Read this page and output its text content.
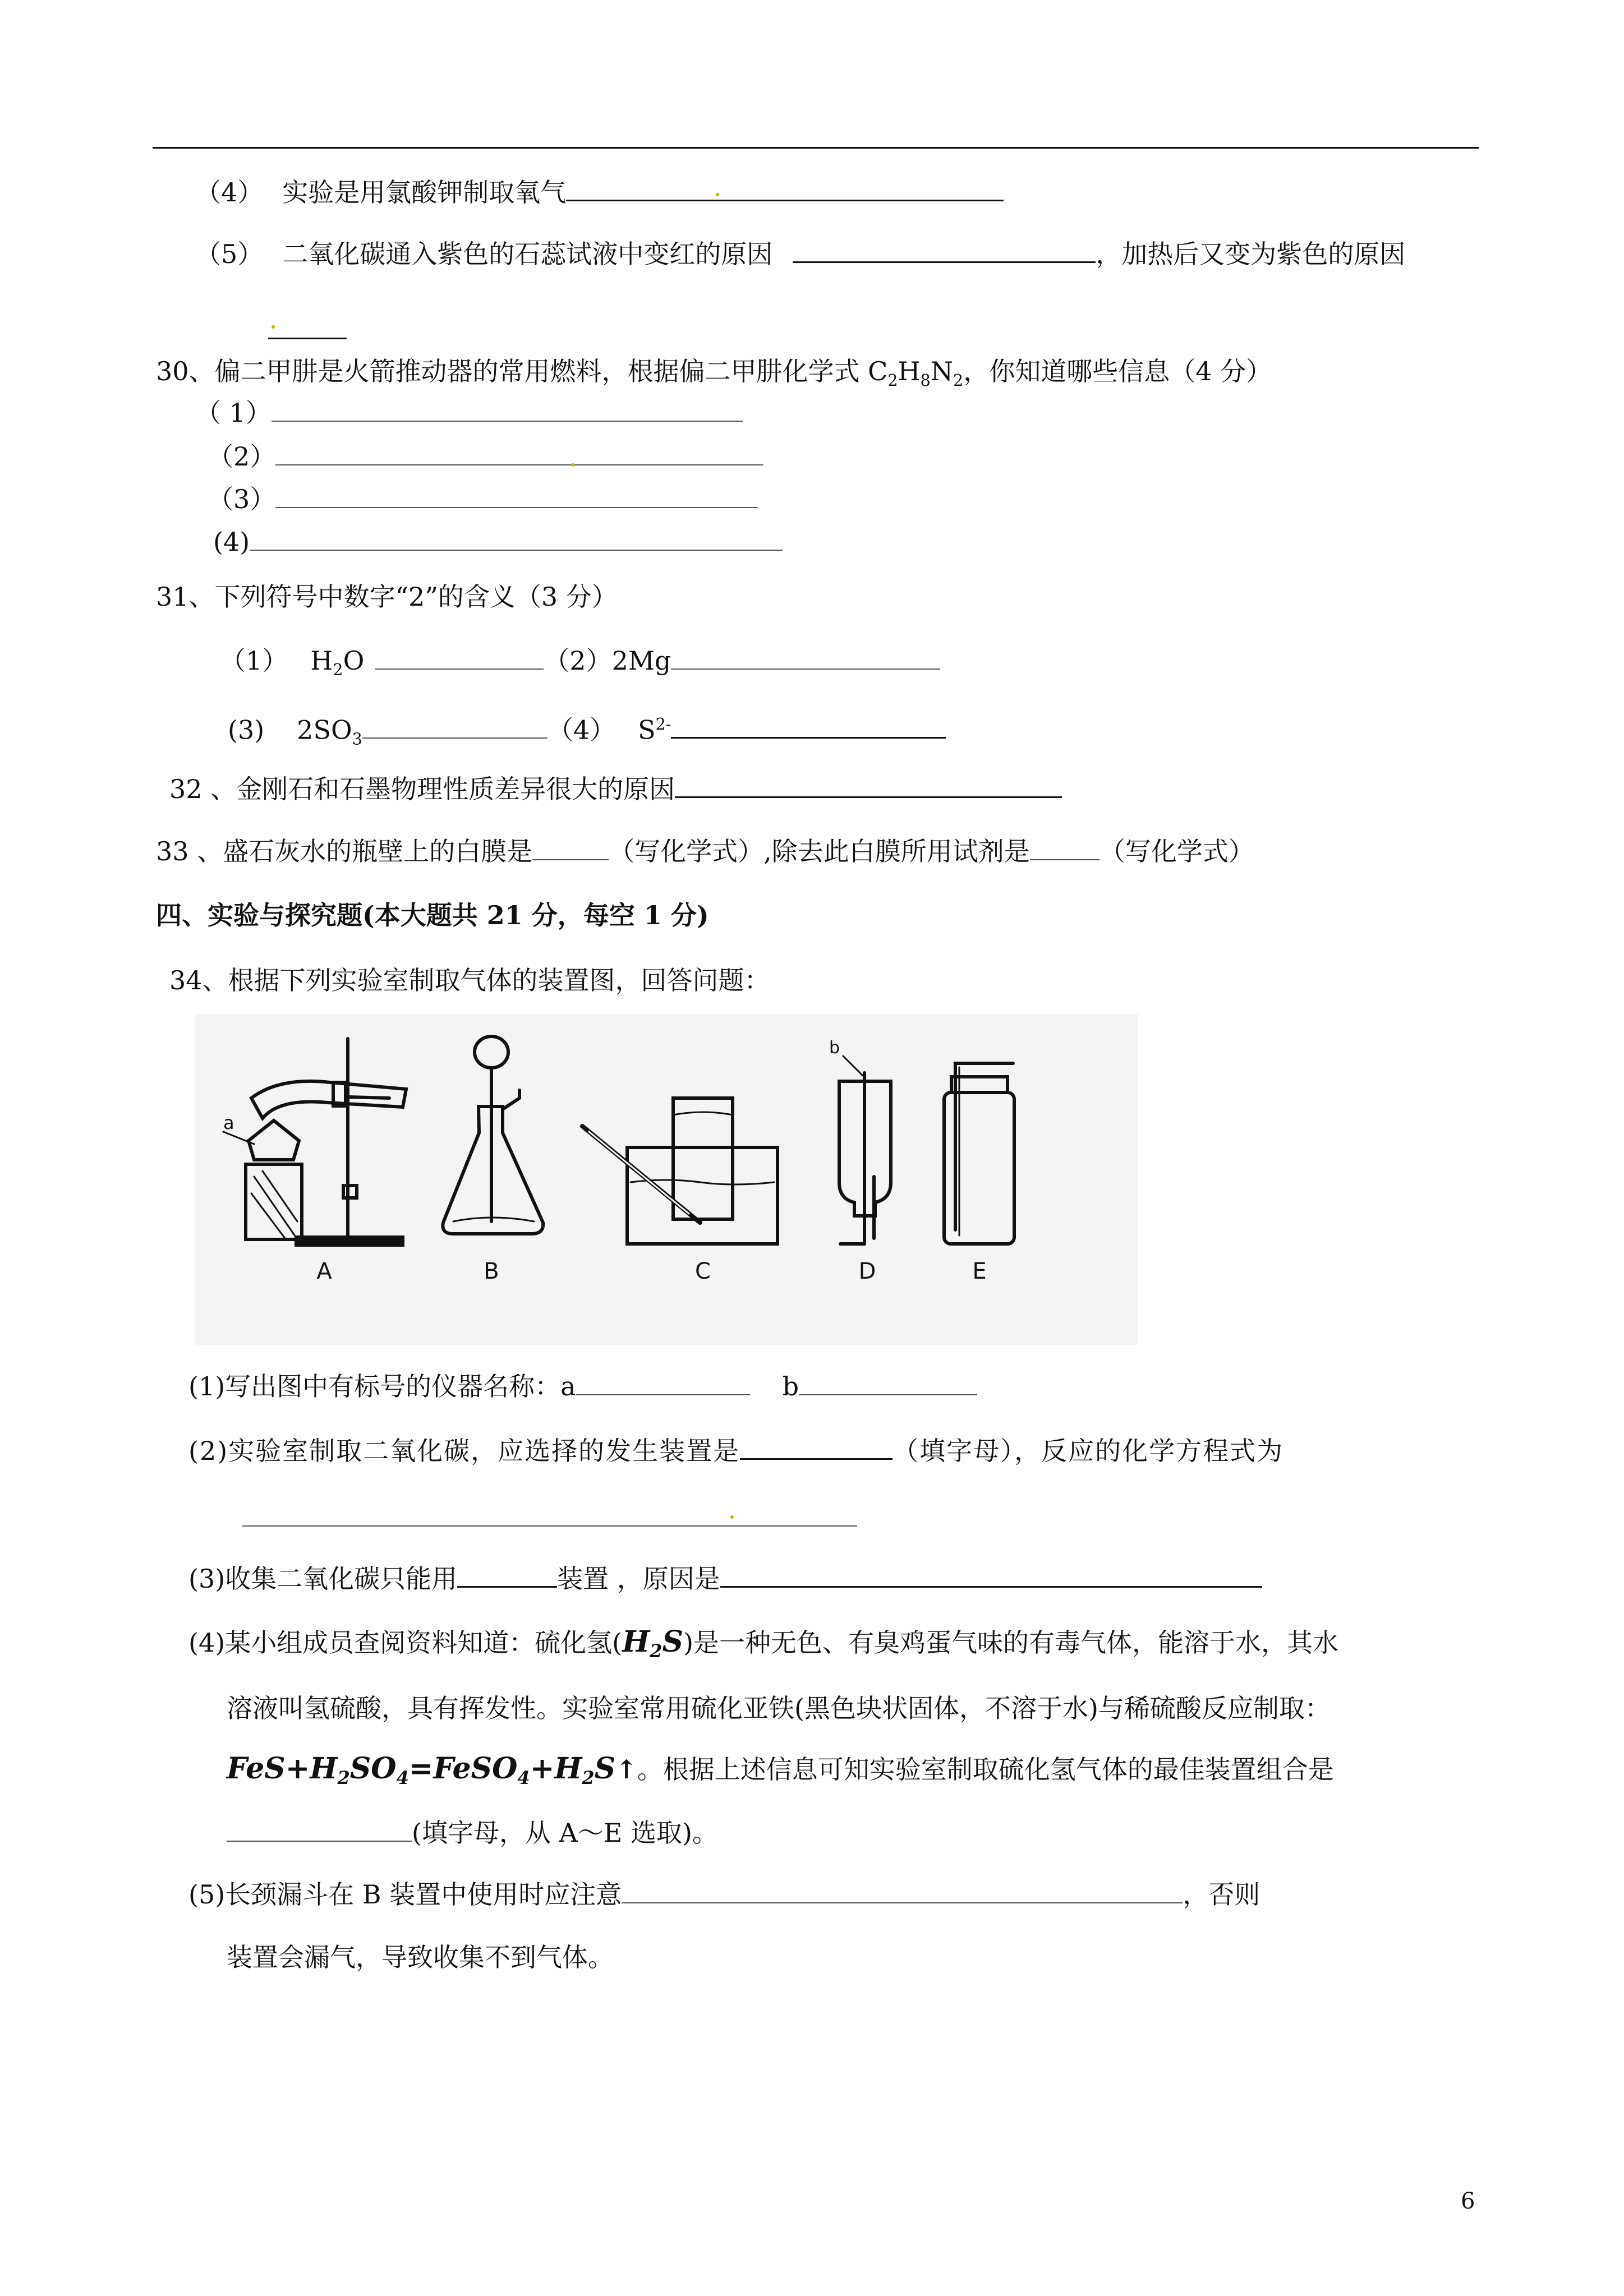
（4） 实验是用氯酸钾制取氧气
（5） 二氧化碳通入紫色的石蕊试液中变红的原因	，加热后又变为紫色的原因
30、偏二甲肼是火箭推动器的常用燃料，根据偏二甲肼化学式 $C_2H_8N_2$，你知道哪些信息（4 分）
（ 1）
（2）
（3）
(4)
31、下列符号中数字“2”的含义（3 分）
（1） $H_2O$	（2）2Mg
(3) $2SO_3$	（4） $S^{2-}$
32 、金刚石和石墨物理性质差异很大的原因
33 、盛石灰水的瓶壁上的白膜是	（写化学式）,除去此白膜所用试剂是	（写化学式）
四、实验与探究题(本大题共 21 分，每空 1 分)
34、根据下列实验室制取气体的装置图，回答问题：
a
b
A	B	C	D	E
(1)写出图中有标号的仪器名称：a	b
(2)实验室制取二氧化碳，应选择的发生装置是	（填字母），反应的化学方程式为
(3)收集二氧化碳只能用	装置 ，原因是
(4)某小组成员查阅资料知道：硫化氢$(H_2S)$是一种无色、有臭鸡蛋气味的有毒气体，能溶于水，其水
溶液叫氢硫酸，具有挥发性。实验室常用硫化亚铁(黑色块状固体，不溶于水)与稀硫酸反应制取：
$FeS+H_2SO_4=FeSO_4+H_2S↑$。根据上述信息可知实验室制取硫化氢气体的最佳装置组合是
(填字母，从 A～E 选取)。
(5)长颈漏斗在 B 装置中使用时应注意	，否则
装置会漏气，导致收集不到气体。
6
